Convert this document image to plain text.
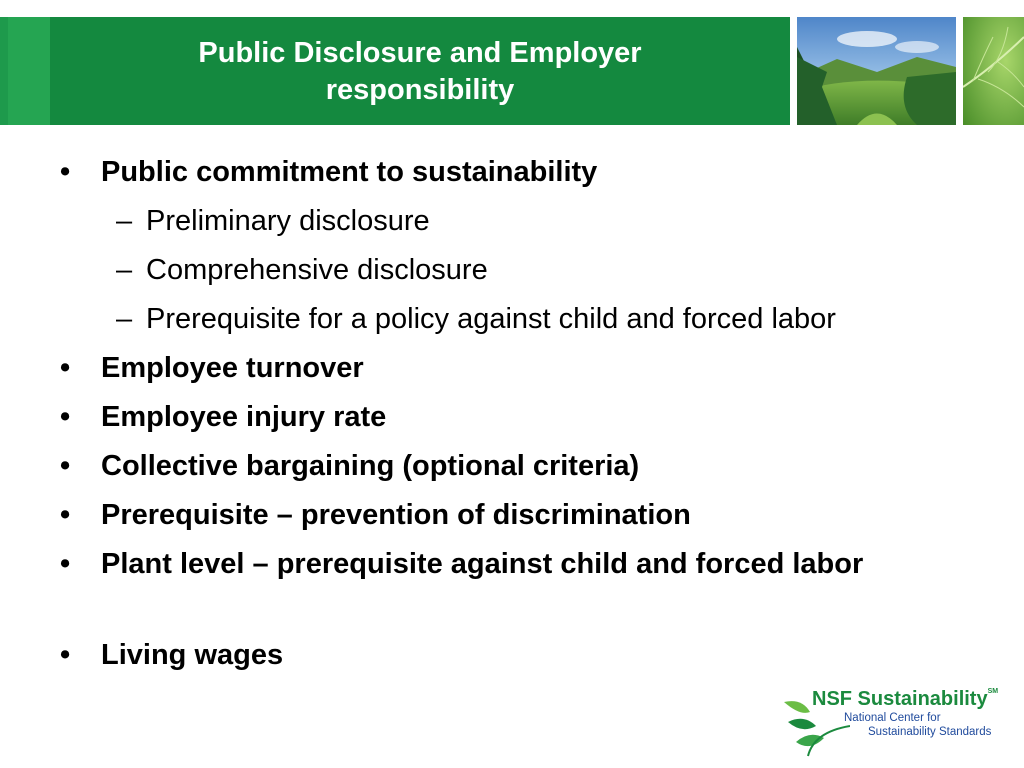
Public Disclosure and Employer
responsibility
• Public commitment to sustainability
– Preliminary disclosure
– Comprehensive disclosure
– Prerequisite for a policy against child and forced labor
• Employee turnover
• Employee injury rate
• Collective bargaining (optional criteria)
• Prerequisite – prevention of discrimination
• Plant level – prerequisite against child and forced labor
• Living wages
NSF Sustainability℠
National Center for
Sustainability Standards
